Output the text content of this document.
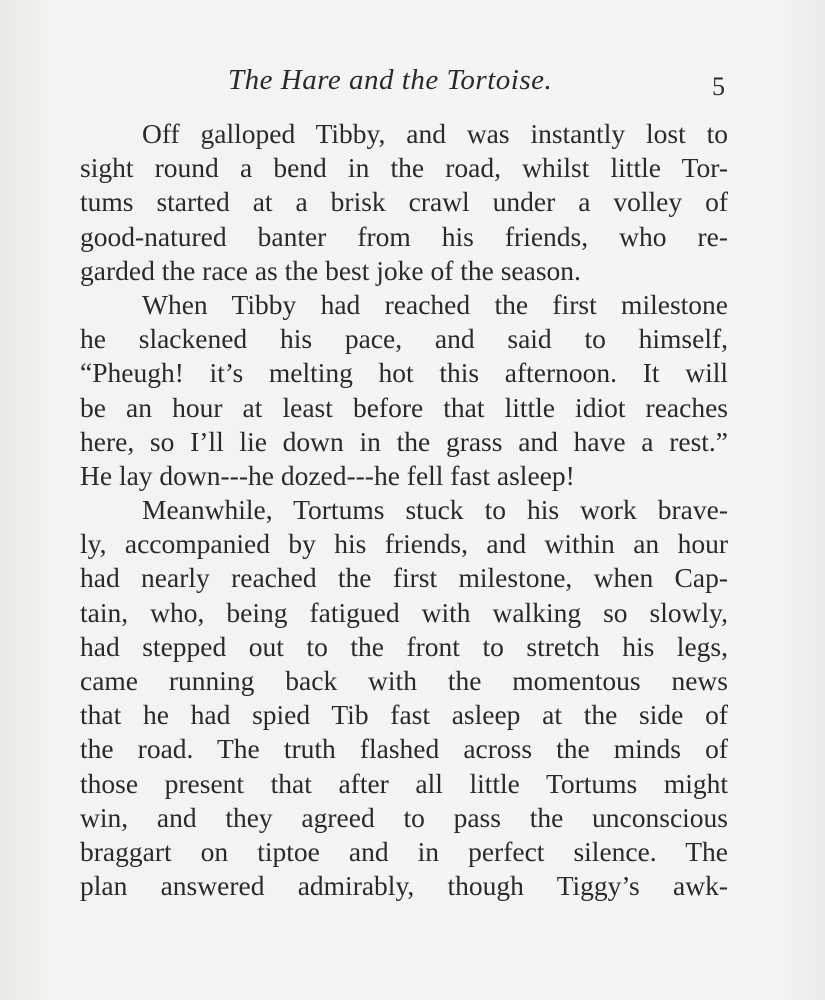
The Hare and the Tortoise.	5
Off galloped Tibby, and was instantly lost to
sight round a bend in the road, whilst little Tor-
tums started at a brisk crawl under a volley of
good-natured banter from his friends, who re-
garded the race as the best joke of the season.
When Tibby had reached the first milestone
he slackened his pace, and said to himself,
“Pheugh! it’s melting hot this afternoon. It will
be an hour at least before that little idiot reaches
here, so I’ll lie down in the grass and have a rest.”
He lay down---he dozed---he fell fast asleep!
Meanwhile, Tortums stuck to his work brave-
ly, accompanied by his friends, and within an hour
had nearly reached the first milestone, when Cap-
tain, who, being fatigued with walking so slowly,
had stepped out to the front to stretch his legs,
came running back with the momentous news
that he had spied Tib fast asleep at the side of
the road. The truth flashed across the minds of
those present that after all little Tortums might
win, and they agreed to pass the unconscious
braggart on tiptoe and in perfect silence. The
plan answered admirably, though Tiggy’s awk-
